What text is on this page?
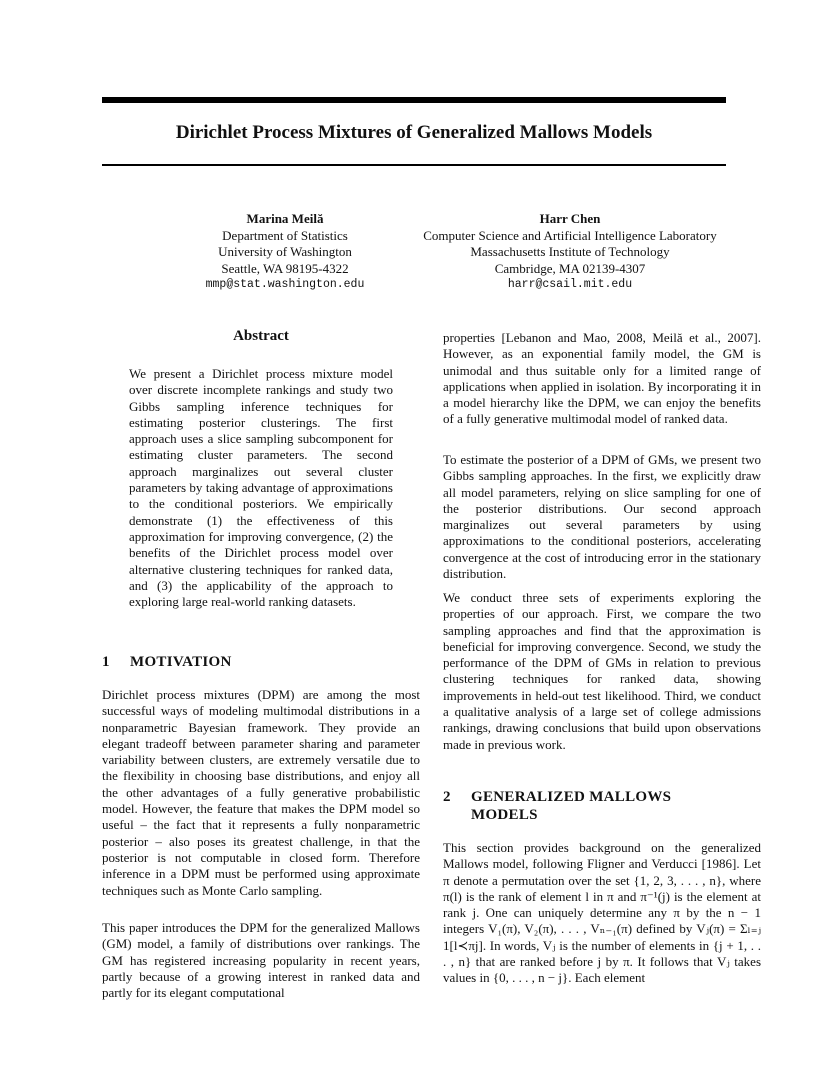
Dirichlet Process Mixtures of Generalized Mallows Models
Marina Meilă
Department of Statistics
University of Washington
Seattle, WA 98195-4322
mmp@stat.washington.edu
Harr Chen
Computer Science and Artificial Intelligence Laboratory
Massachusetts Institute of Technology
Cambridge, MA 02139-4307
harr@csail.mit.edu
Abstract

We present a Dirichlet process mixture model over discrete incomplete rankings and study two Gibbs sampling inference techniques for estimating posterior clusterings. The first approach uses a slice sampling subcomponent for estimating cluster parameters. The second approach marginalizes out several cluster parameters by taking advantage of approximations to the conditional posteriors. We empirically demonstrate (1) the effectiveness of this approximation for improving convergence, (2) the benefits of the Dirichlet process model over alternative clustering techniques for ranked data, and (3) the applicability of the approach to exploring large real-world ranking datasets.

1 MOTIVATION

Dirichlet process mixtures (DPM) are among the most successful ways of modeling multimodal distributions in a nonparametric Bayesian framework. They provide an elegant tradeoff between parameter sharing and parameter variability between clusters, are extremely versatile due to the flexibility in choosing base distributions, and enjoy all the other advantages of a fully generative probabilistic model. However, the feature that makes the DPM model so useful – the fact that it represents a fully nonparametric posterior – also poses its greatest challenge, in that the posterior is not computable in closed form. Therefore inference in a DPM must be performed using approximate techniques such as Monte Carlo sampling.

This paper introduces the DPM for the generalized Mallows (GM) model, a family of distributions over rankings. The GM has registered increasing popularity in recent years, partly because of a growing interest in ranked data and partly for its elegant computational

properties [Lebanon and Mao, 2008, Meilă et al., 2007]. However, as an exponential family model, the GM is unimodal and thus suitable only for a limited range of applications when applied in isolation. By incorporating it in a model hierarchy like the DPM, we can enjoy the benefits of a fully generative multimodal model of ranked data.

To estimate the posterior of a DPM of GMs, we present two Gibbs sampling approaches. In the first, we explicitly draw all model parameters, relying on slice sampling for one of the posterior distributions. Our second approach marginalizes out several parameters by using approximations to the conditional posteriors, accelerating convergence at the cost of introducing error in the stationary distribution.

We conduct three sets of experiments exploring the properties of our approach. First, we compare the two sampling approaches and find that the approximation is beneficial for improving convergence. Second, we study the performance of the DPM of GMs in relation to previous clustering techniques for ranked data, showing improvements in held-out test likelihood. Third, we conduct a qualitative analysis of a large set of college admissions rankings, drawing conclusions that build upon observations made in previous work.

2 GENERALIZED MALLOWS MODELS

This section provides background on the generalized Mallows model, following Fligner and Verducci [1986]. Let π denote a permutation over the set {1, 2, 3, . . . , n}, where π(l) is the rank of element l in π and π⁻¹(j) is the element at rank j. One can uniquely determine any π by the n − 1 integers V₁(π), V₂(π), . . . , Vₙ₋₁(π) defined by Vⱼ(π) = Σₗ₌ⱼ 1[l≺πj]. In words, Vⱼ is the number of elements in {j + 1, . . . , n} that are ranked before j by π. It follows that Vⱼ takes values in {0, . . . , n − j}. Each element
